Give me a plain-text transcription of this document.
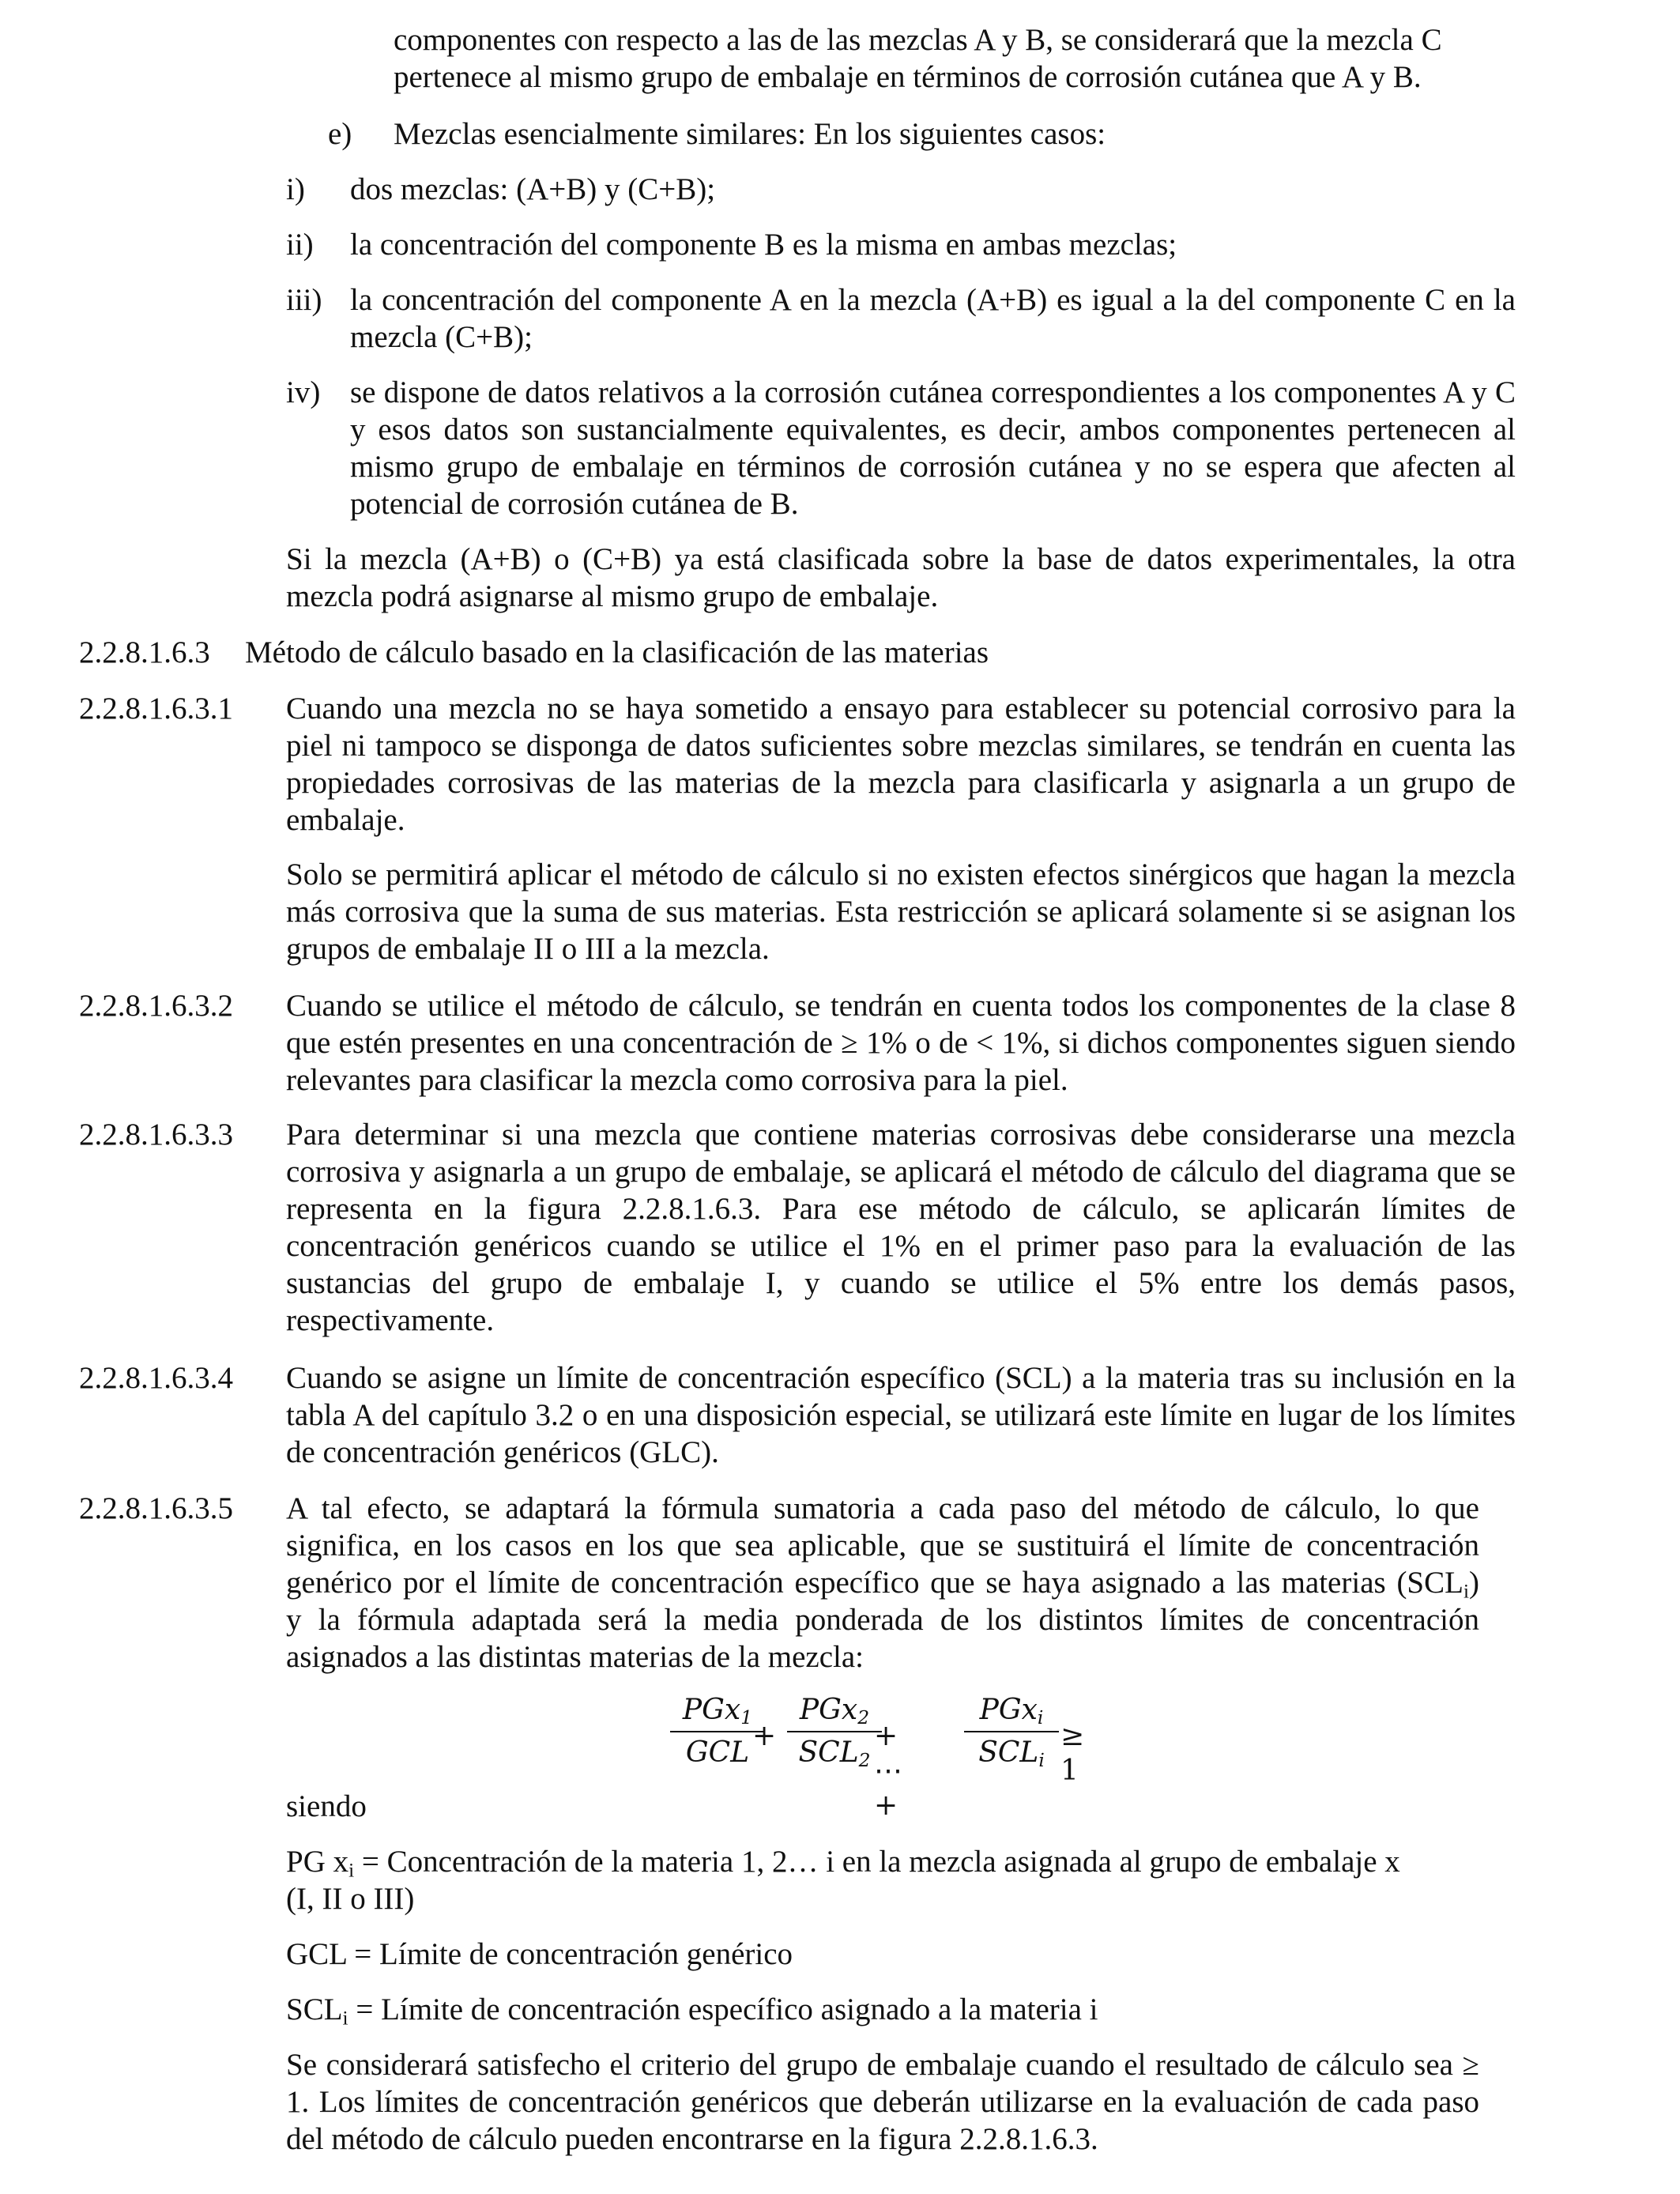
componentes con respecto a las de las mezclas A y B, se considerará que la mezcla C
pertenece al mismo grupo de embalaje en términos de corrosión cutánea que A y B.
e) Mezclas esencialmente similares: En los siguientes casos:
i) dos mezclas: (A+B) y (C+B);
ii) la concentración del componente B es la misma en ambas mezclas;
iii) la concentración del componente A en la mezcla (A+B) es igual a la del componente C en la mezcla (C+B);
iv) se dispone de datos relativos a la corrosión cutánea correspondientes a los componentes A y C y esos datos son sustancialmente equivalentes, es decir, ambos componentes pertenecen al mismo grupo de embalaje en términos de corrosión cutánea y no se espera que afecten al potencial de corrosión cutánea de B.
Si la mezcla (A+B) o (C+B) ya está clasificada sobre la base de datos experimentales, la otra mezcla podrá asignarse al mismo grupo de embalaje.
2.2.8.1.6.3 Método de cálculo basado en la clasificación de las materias
2.2.8.1.6.3.1 Cuando una mezcla no se haya sometido a ensayo para establecer su potencial corrosivo para la piel ni tampoco se disponga de datos suficientes sobre mezclas similares, se tendrán en cuenta las propiedades corrosivas de las materias de la mezcla para clasificarla y asignarla a un grupo de embalaje.
Solo se permitirá aplicar el método de cálculo si no existen efectos sinérgicos que hagan la mezcla más corrosiva que la suma de sus materias. Esta restricción se aplicará solamente si se asignan los grupos de embalaje II o III a la mezcla.
2.2.8.1.6.3.2 Cuando se utilice el método de cálculo, se tendrán en cuenta todos los componentes de la clase 8 que estén presentes en una concentración de ≥ 1% o de < 1%, si dichos componentes siguen siendo relevantes para clasificar la mezcla como corrosiva para la piel.
2.2.8.1.6.3.3 Para determinar si una mezcla que contiene materias corrosivas debe considerarse una mezcla corrosiva y asignarla a un grupo de embalaje, se aplicará el método de cálculo del diagrama que se representa en la figura 2.2.8.1.6.3. Para ese método de cálculo, se aplicarán límites de concentración genéricos cuando se utilice el 1% en el primer paso para la evaluación de las sustancias del grupo de embalaje I, y cuando se utilice el 5% entre los demás pasos, respectivamente.
2.2.8.1.6.3.4 Cuando se asigne un límite de concentración específico (SCL) a la materia tras su inclusión en la tabla A del capítulo 3.2 o en una disposición especial, se utilizará este límite en lugar de los límites de concentración genéricos (GLC).
2.2.8.1.6.3.5 A tal efecto, se adaptará la fórmula sumatoria a cada paso del método de cálculo, lo que significa, en los casos en los que sea aplicable, que se sustituirá el límite de concentración genérico por el límite de concentración específico que se haya asignado a las materias $(SCL_i)$
y la fórmula adaptada será la media ponderada de los distintos límites de concentración asignados a las distintas materias de la mezcla:
PGx$_1$
GCL
+
PGx$_2$
$SCL_2$
+ ⋯ +
PGx$_i$
$SCL_i$
≥ 1
siendo
PG $x_i$ = Concentración de la materia 1, 2… i en la mezcla asignada al grupo de embalaje x
(I, II o III)
GCL = Límite de concentración genérico
$SCL_i$ = Límite de concentración específico asignado a la materia i
Se considerará satisfecho el criterio del grupo de embalaje cuando el resultado de cálculo sea ≥ 1. Los límites de concentración genéricos que deberán utilizarse en la evaluación de cada paso del método de cálculo pueden encontrarse en la figura 2.2.8.1.6.3.
